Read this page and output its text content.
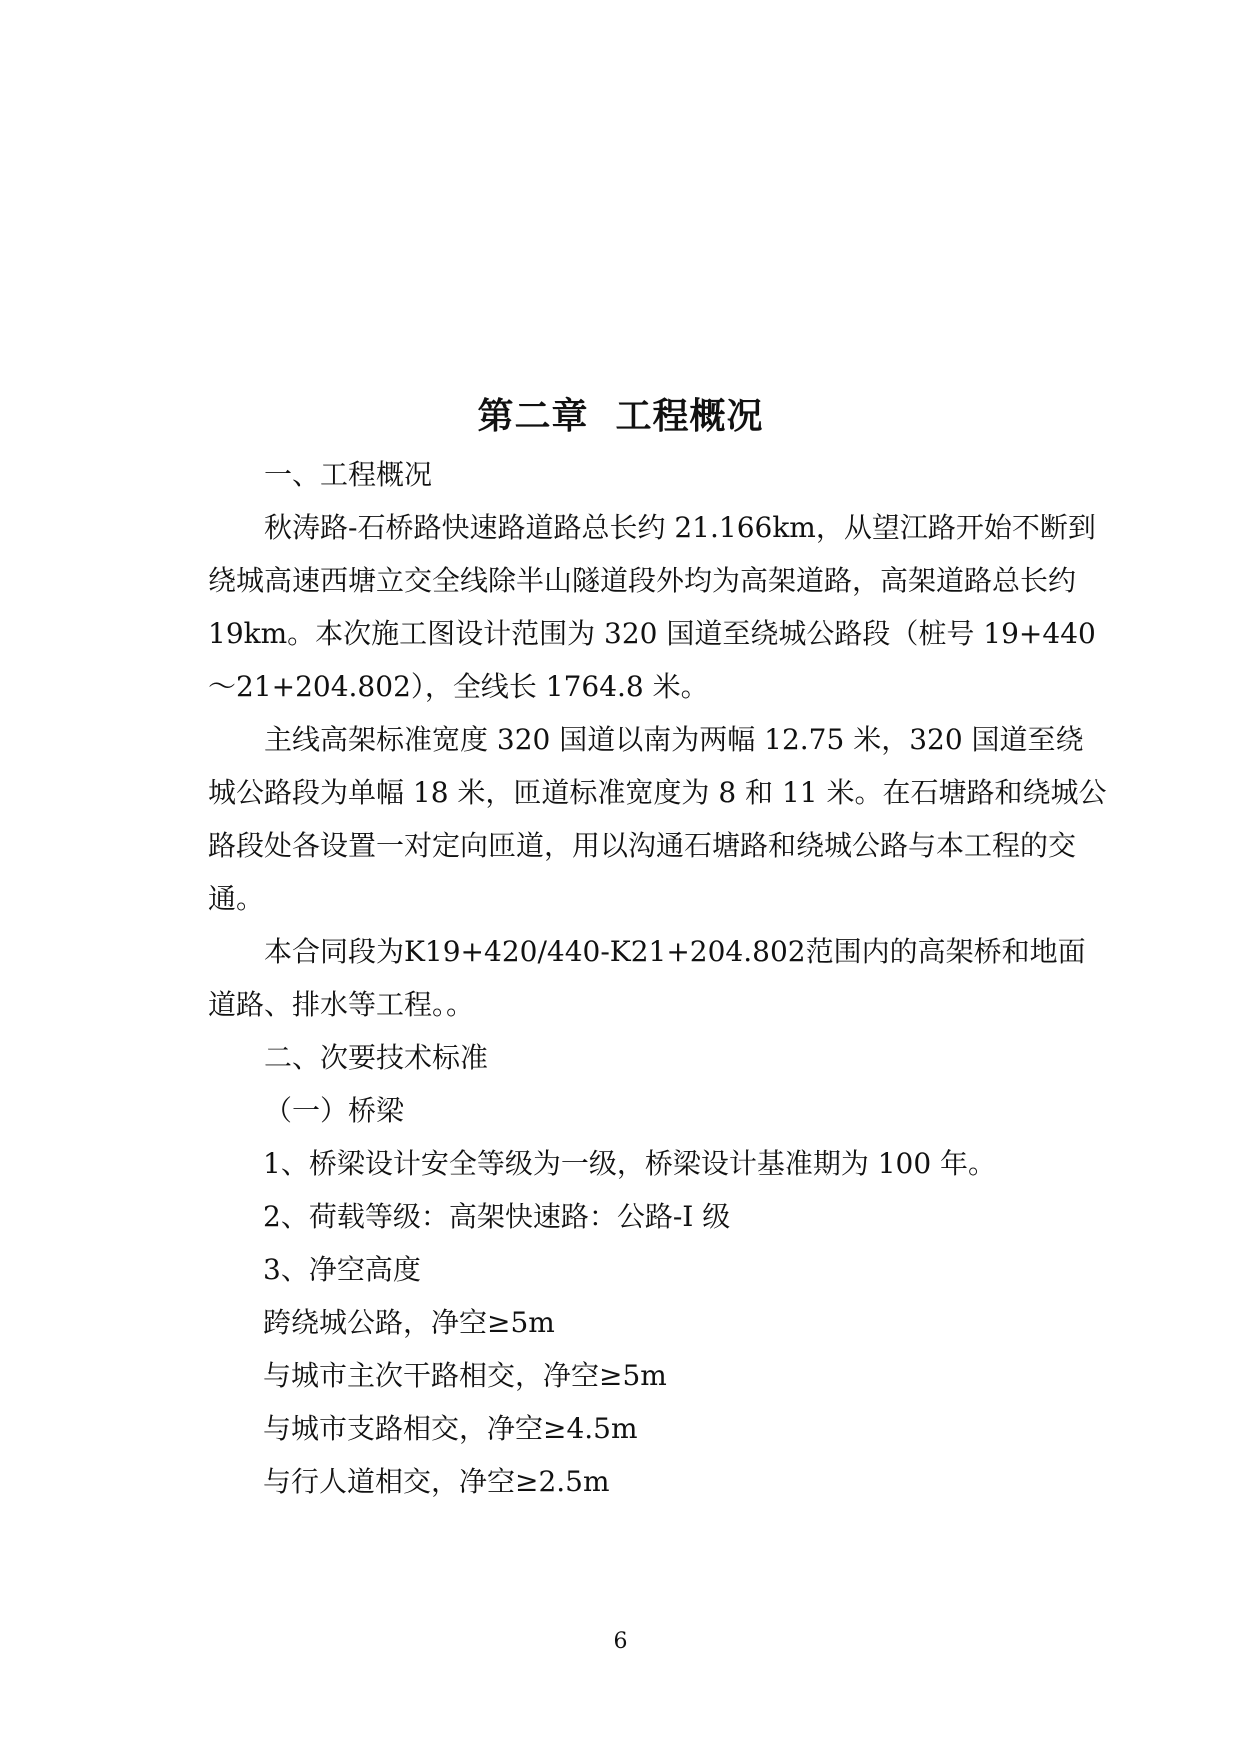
第二章  工程概况

一、工程概况

秋涛路-石桥路快速路道路总长约 21.166km，从望江路开始不断到绕城高速西塘立交全线除半山隧道段外均为高架道路，高架道路总长约 19km。本次施工图设计范围为 320 国道至绕城公路段（桩号 19+440～21+204.802），全线长 1764.8 米。

主线高架标准宽度 320 国道以南为两幅 12.75 米，320 国道至绕城公路段为单幅 18 米，匝道标准宽度为 8 和 11 米。在石塘路和绕城公路段处各设置一对定向匝道，用以沟通石塘路和绕城公路与本工程的交通。

本合同段为K19+420/440-K21+204.802范围内的高架桥和地面道路、排水等工程。。

二、次要技术标准

（一）桥梁

1、桥梁设计安全等级为一级，桥梁设计基准期为 100 年。

2、荷载等级：高架快速路：公路-I 级

3、净空高度

跨绕城公路，净空≥5m

与城市主次干路相交，净空≥5m

与城市支路相交，净空≥4.5m

与行人道相交，净空≥2.5m

6
